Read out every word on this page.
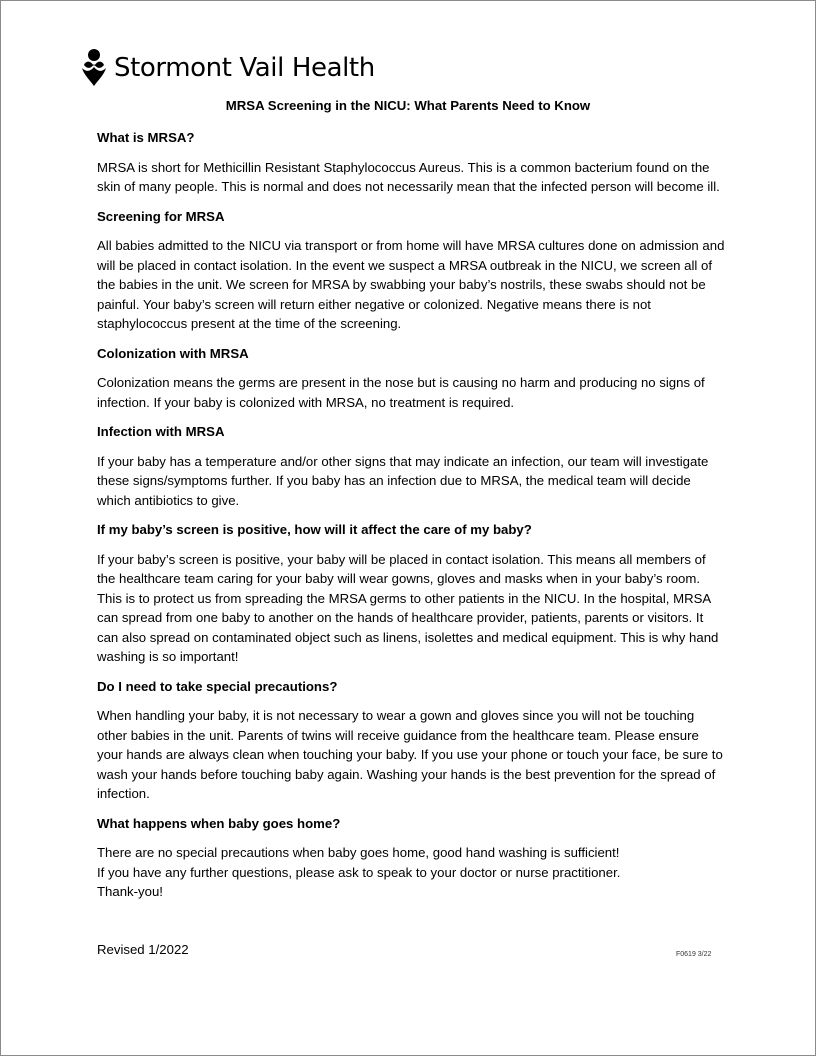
Stormont Vail Health
MRSA Screening in the NICU: What Parents Need to Know
What is MRSA?

MRSA is short for Methicillin Resistant Staphylococcus Aureus. This is a common bacterium found on the skin of many people. This is normal and does not necessarily mean that the infected person will become ill.

Screening for MRSA

All babies admitted to the NICU via transport or from home will have MRSA cultures done on admission and will be placed in contact isolation. In the event we suspect a MRSA outbreak in the NICU, we screen all of the babies in the unit. We screen for MRSA by swabbing your baby’s nostrils, these swabs should not be painful. Your baby’s screen will return either negative or colonized. Negative means there is not staphylococcus present at the time of the screening.

Colonization with MRSA

Colonization means the germs are present in the nose but is causing no harm and producing no signs of infection. If your baby is colonized with MRSA, no treatment is required.

Infection with MRSA

If your baby has a temperature and/or other signs that may indicate an infection, our team will investigate these signs/symptoms further. If you baby has an infection due to MRSA, the medical team will decide which antibiotics to give.

If my baby’s screen is positive, how will it affect the care of my baby?

If your baby’s screen is positive, your baby will be placed in contact isolation. This means all members of the healthcare team caring for your baby will wear gowns, gloves and masks when in your baby’s room. This is to protect us from spreading the MRSA germs to other patients in the NICU. In the hospital, MRSA can spread from one baby to another on the hands of healthcare provider, patients, parents or visitors. It can also spread on contaminated object such as linens, isolettes and medical equipment. This is why hand washing is so important!

Do I need to take special precautions?

When handling your baby, it is not necessary to wear a gown and gloves since you will not be touching other babies in the unit. Parents of twins will receive guidance from the healthcare team. Please ensure your hands are always clean when touching your baby. If you use your phone or touch your face, be sure to wash your hands before touching baby again. Washing your hands is the best prevention for the spread of infection.

What happens when baby goes home?

There are no special precautions when baby goes home, good hand washing is sufficient!

If you have any further questions, please ask to speak to your doctor or nurse practitioner.

Thank-you!

Revised 1/2022	F0619 3/22
